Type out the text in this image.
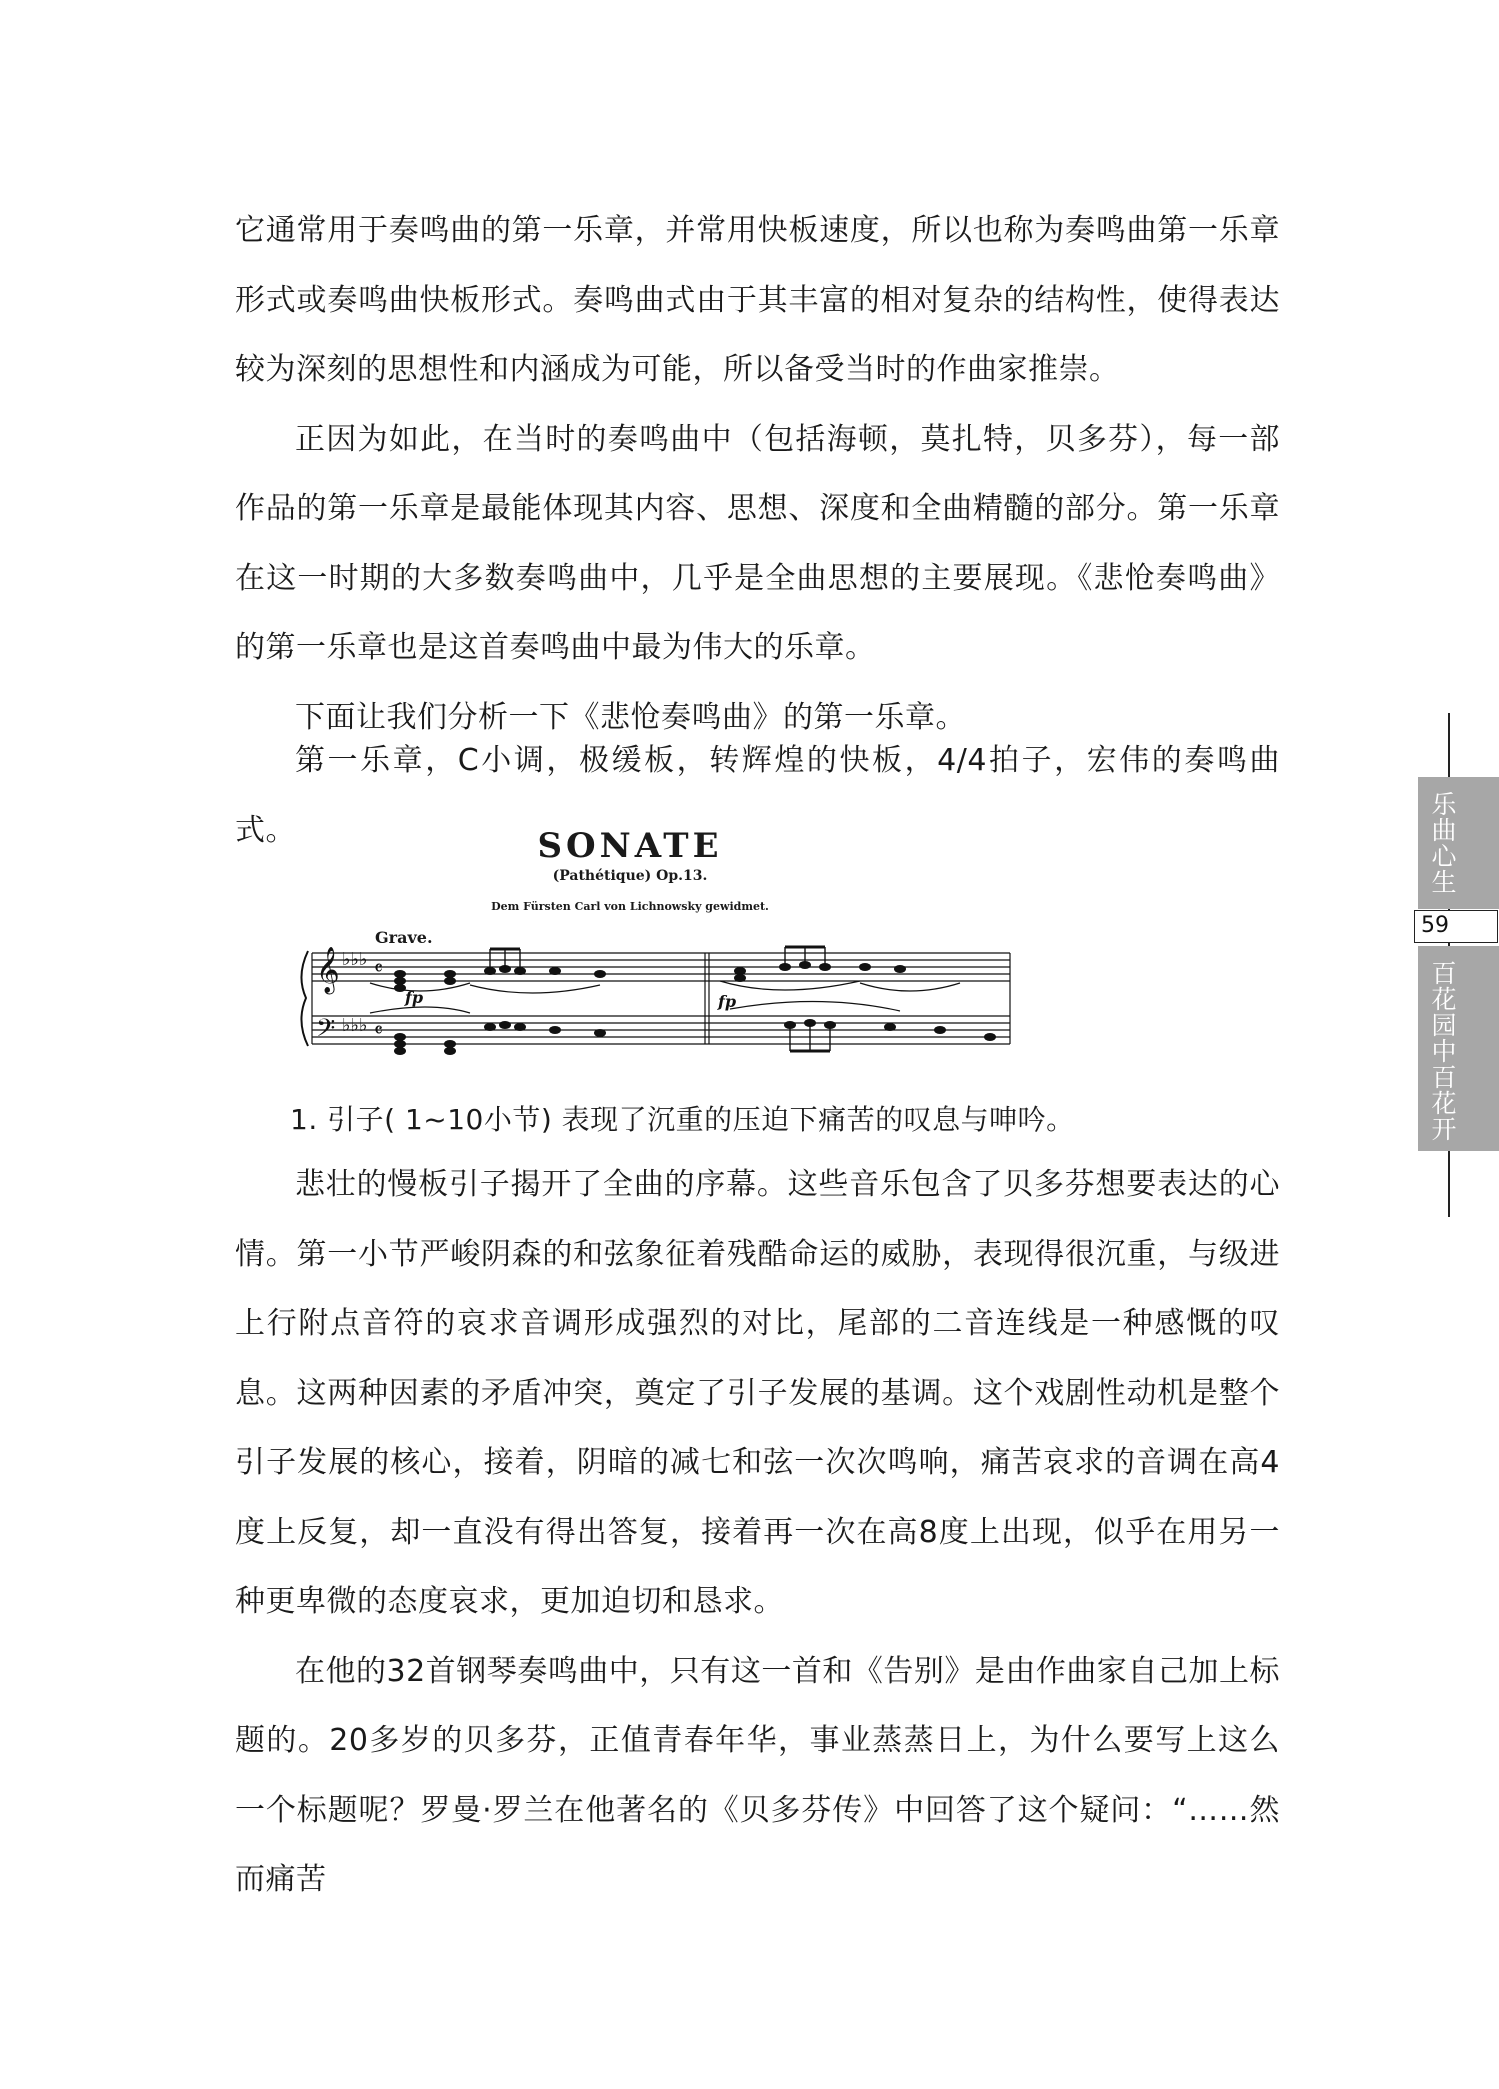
它通常用于奏鸣曲的第一乐章，并常用快板速度，所以也称为奏鸣曲第一乐章形式或奏鸣曲快板形式。奏鸣曲式由于其丰富的相对复杂的结构性，使得表达较为深刻的思想性和内涵成为可能，所以备受当时的作曲家推崇。

正因为如此，在当时的奏鸣曲中（包括海顿，莫扎特，贝多芬），每一部作品的第一乐章是最能体现其内容、思想、深度和全曲精髓的部分。第一乐章在这一时期的大多数奏鸣曲中，几乎是全曲思想的主要展现。《悲怆奏鸣曲》的第一乐章也是这首奏鸣曲中最为伟大的乐章。

下面让我们分析一下《悲怆奏鸣曲》的第一乐章。

第一乐章，C小调，极缓板，转辉煌的快板，4/4拍子，宏伟的奏鸣曲式。	SONATE
(Pathétique) Op.13.
Dem Fürsten Carl von Lichnowsky gewidmet.
Grave.
𝄞
𝄢
♭♭♭
♭♭♭
𝄴
𝄴
fp	fp
1. 引子( 1~10小节) 表现了沉重的压迫下痛苦的叹息与呻吟。

悲壮的慢板引子揭开了全曲的序幕。这些音乐包含了贝多芬想要表达的心情。第一小节严峻阴森的和弦象征着残酷命运的威胁，表现得很沉重，与级进上行附点音符的哀求音调形成强烈的对比，尾部的二音连线是一种感慨的叹息。这两种因素的矛盾冲突，奠定了引子发展的基调。这个戏剧性动机是整个引子发展的核心，接着，阴暗的减七和弦一次次鸣响，痛苦哀求的音调在高4度上反复，却一直没有得出答复，接着再一次在高8度上出现，似乎在用另一种更卑微的态度哀求，更加迫切和恳求。

在他的32首钢琴奏鸣曲中，只有这一首和《告别》是由作曲家自己加上标题的。20多岁的贝多芬，正值青春年华，事业蒸蒸日上，为什么要写上这么一个标题呢？罗曼·罗兰在他著名的《贝多芬传》中回答了这个疑问：“……然而痛苦

乐曲心生
59
百花园中百花开
